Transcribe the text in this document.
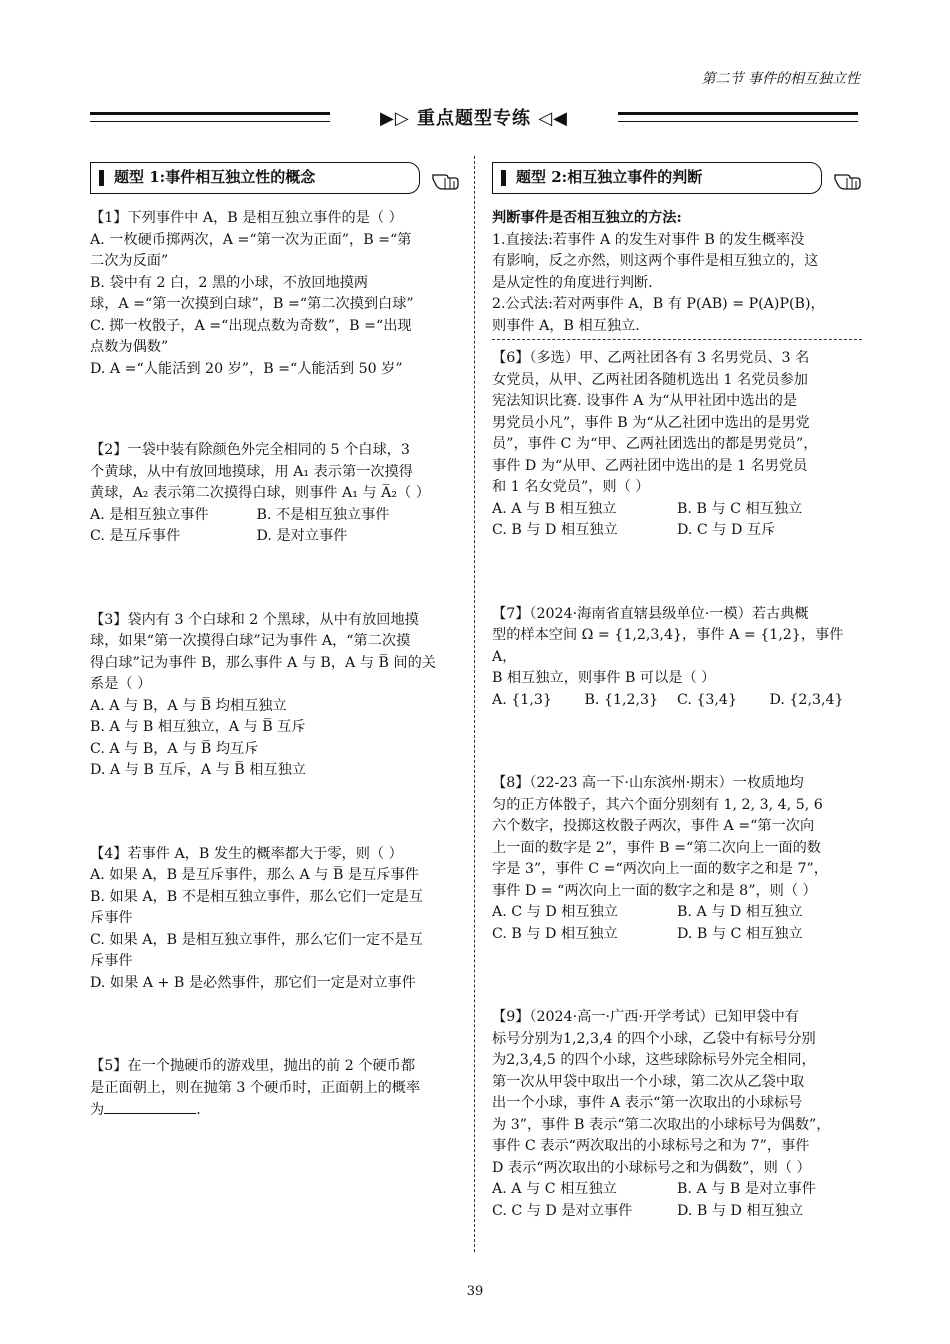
第二节 事件的相互独立性
▶▷ 重点题型专练 ◁◀
题型 1:事件相互独立性的概念

【1】下列事件中 A，B 是相互独立事件的是（ ）

A. 一枚硬币掷两次，A =“第一次为正面”，B =“第

二次为反面”

B. 袋中有 2 白，2 黑的小球，不放回地摸两

球，A =“第一次摸到白球”，B =“第二次摸到白球”

C. 掷一枚骰子，A =“出现点数为奇数”，B =“出现

点数为偶数”

D. A =“人能活到 20 岁”，B =“人能活到 50 岁”

【2】一袋中装有除颜色外完全相同的 5 个白球，3

个黄球，从中有放回地摸球，用 A₁ 表示第一次摸得

黄球，A₂ 表示第二次摸得白球，则事件 A₁ 与 A̅₂（ ）

A. 是相互独立事件	B. 不是相互独立事件
C. 是互斥事件	D. 是对立事件

【3】袋内有 3 个白球和 2 个黑球，从中有放回地摸

球，如果“第一次摸得白球”记为事件 A，“第二次摸

得白球”记为事件 B，那么事件 A 与 B，A 与 B̅ 间的关

系是（ ）

A. A 与 B，A 与 B̅ 均相互独立

B. A 与 B 相互独立，A 与 B̅ 互斥

C. A 与 B，A 与 B̅ 均互斥

D. A 与 B 互斥，A 与 B̅ 相互独立

【4】若事件 A，B 发生的概率都大于零，则（ ）

A. 如果 A，B 是互斥事件，那么 A 与 B̅ 是互斥事件

B. 如果 A，B 不是相互独立事件，那么它们一定是互

斥事件

C. 如果 A，B 是相互独立事件，那么它们一定不是互

斥事件

D. 如果 A + B 是必然事件，那它们一定是对立事件

【5】在一个抛硬币的游戏里，抛出的前 2 个硬币都

是正面朝上，则在抛第 3 个硬币时，正面朝上的概率

为	.

题型 2:相互独立事件的判断

判断事件是否相互独立的方法:

1.直接法:若事件 A 的发生对事件 B 的发生概率没

有影响，反之亦然，则这两个事件是相互独立的，这

是从定性的角度进行判断.

2.公式法:若对两事件 A，B 有 P(AB) = P(A)P(B)，

则事件 A，B 相互独立.

【6】（多选）甲、乙两社团各有 3 名男党员、3 名

女党员，从甲、乙两社团各随机选出 1 名党员参加

宪法知识比赛. 设事件 A 为“从甲社团中选出的是

男党员小凡”，事件 B 为“从乙社团中选出的是男党

员”，事件 C 为“甲、乙两社团选出的都是男党员”，

事件 D 为“从甲、乙两社团中选出的是 1 名男党员

和 1 名女党员”，则（ ）

A. A 与 B 相互独立	B. B 与 C 相互独立
C. B 与 D 相互独立	D. C 与 D 互斥

【7】（2024·海南省直辖县级单位·一模）若古典概

型的样本空间 Ω = {1,2,3,4}，事件 A = {1,2}，事件 A，

B 相互独立，则事件 B 可以是（ ）

A. {1,3}	B. {1,2,3}	C. {3,4}	D. {2,3,4}

【8】（22-23 高一下·山东滨州·期末）一枚质地均

匀的正方体骰子，其六个面分别刻有 1, 2, 3, 4, 5, 6

六个数字，投掷这枚骰子两次，事件 A =“第一次向

上一面的数字是 2”，事件 B =“第二次向上一面的数

字是 3”，事件 C =“两次向上一面的数字之和是 7”，

事件 D = “两次向上一面的数字之和是 8”，则（ ）

A. C 与 D 相互独立	B. A 与 D 相互独立
C. B 与 D 相互独立	D. B 与 C 相互独立

【9】（2024·高一·广西·开学考试）已知甲袋中有

标号分别为1,2,3,4 的四个小球，乙袋中有标号分别

为2,3,4,5 的四个小球，这些球除标号外完全相同，

第一次从甲袋中取出一个小球，第二次从乙袋中取

出一个小球，事件 A 表示“第一次取出的小球标号

为 3”，事件 B 表示“第二次取出的小球标号为偶数”，

事件 C 表示“两次取出的小球标号之和为 7”，事件

D 表示“两次取出的小球标号之和为偶数”，则（ ）

A. A 与 C 相互独立	B. A 与 B 是对立事件
C. C 与 D 是对立事件	D. B 与 D 相互独立
39
